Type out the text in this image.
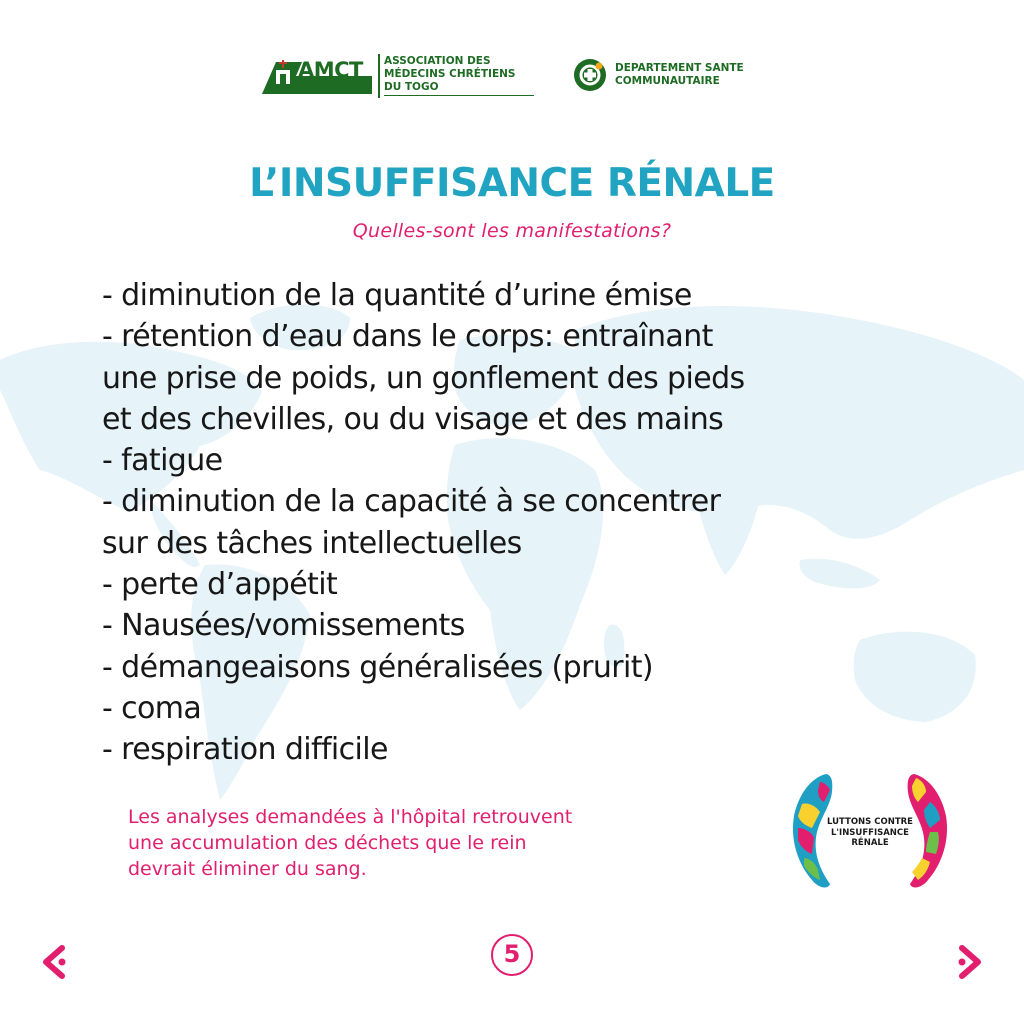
AMCT
Association des Médecins Chrétiens du Togo
ASSOCIATION DES
MÉDECINS CHRÉTIENS
DU TOGO
DEPARTEMENT SANTE
COMMUNAUTAIRE
L’INSUFFISANCE RÉNALE
Quelles-sont les manifestations?
- diminution de la quantité d’urine émise
- rétention d’eau dans le corps: entraînant
une prise de poids, un gonflement des pieds
et des chevilles, ou du visage et des mains
- fatigue
- diminution de la capacité à se concentrer
sur des tâches intellectuelles
- perte d’appétit
- Nausées/vomissements
- démangeaisons généralisées (prurit)
- coma
- respiration difficile
Les analyses demandées à l'hôpital retrouvent
une accumulation des déchets que le rein
devrait éliminer du sang.
LUTTONS CONTRE
L'INSUFFISANCE
RÉNALE
5
